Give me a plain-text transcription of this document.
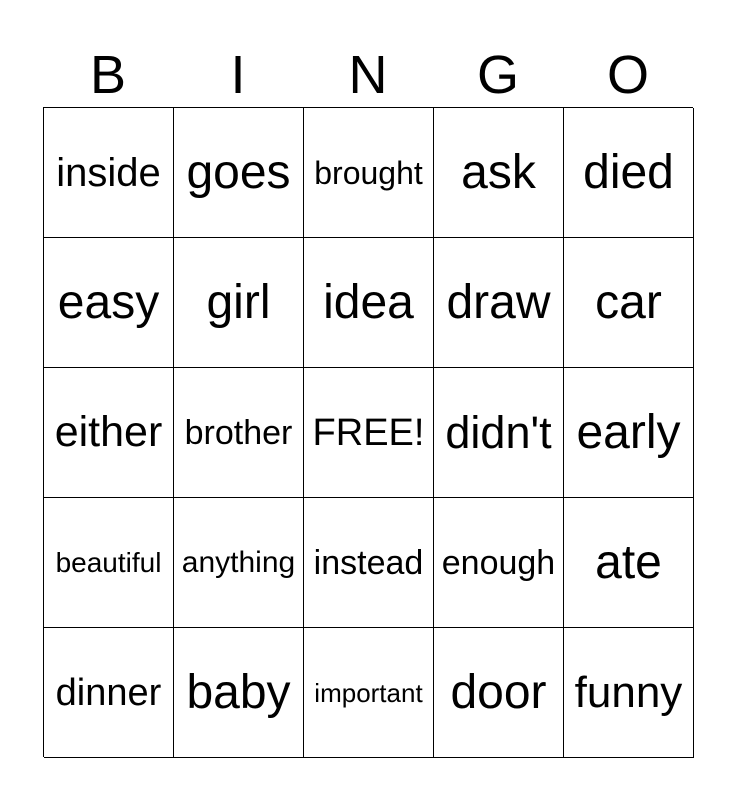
B	I	N	G	O
inside goes brought ask died
easy girl	idea draw car
either brother FREE! didn't early
beautiful anything instead enough ate
dinner baby important door funny
